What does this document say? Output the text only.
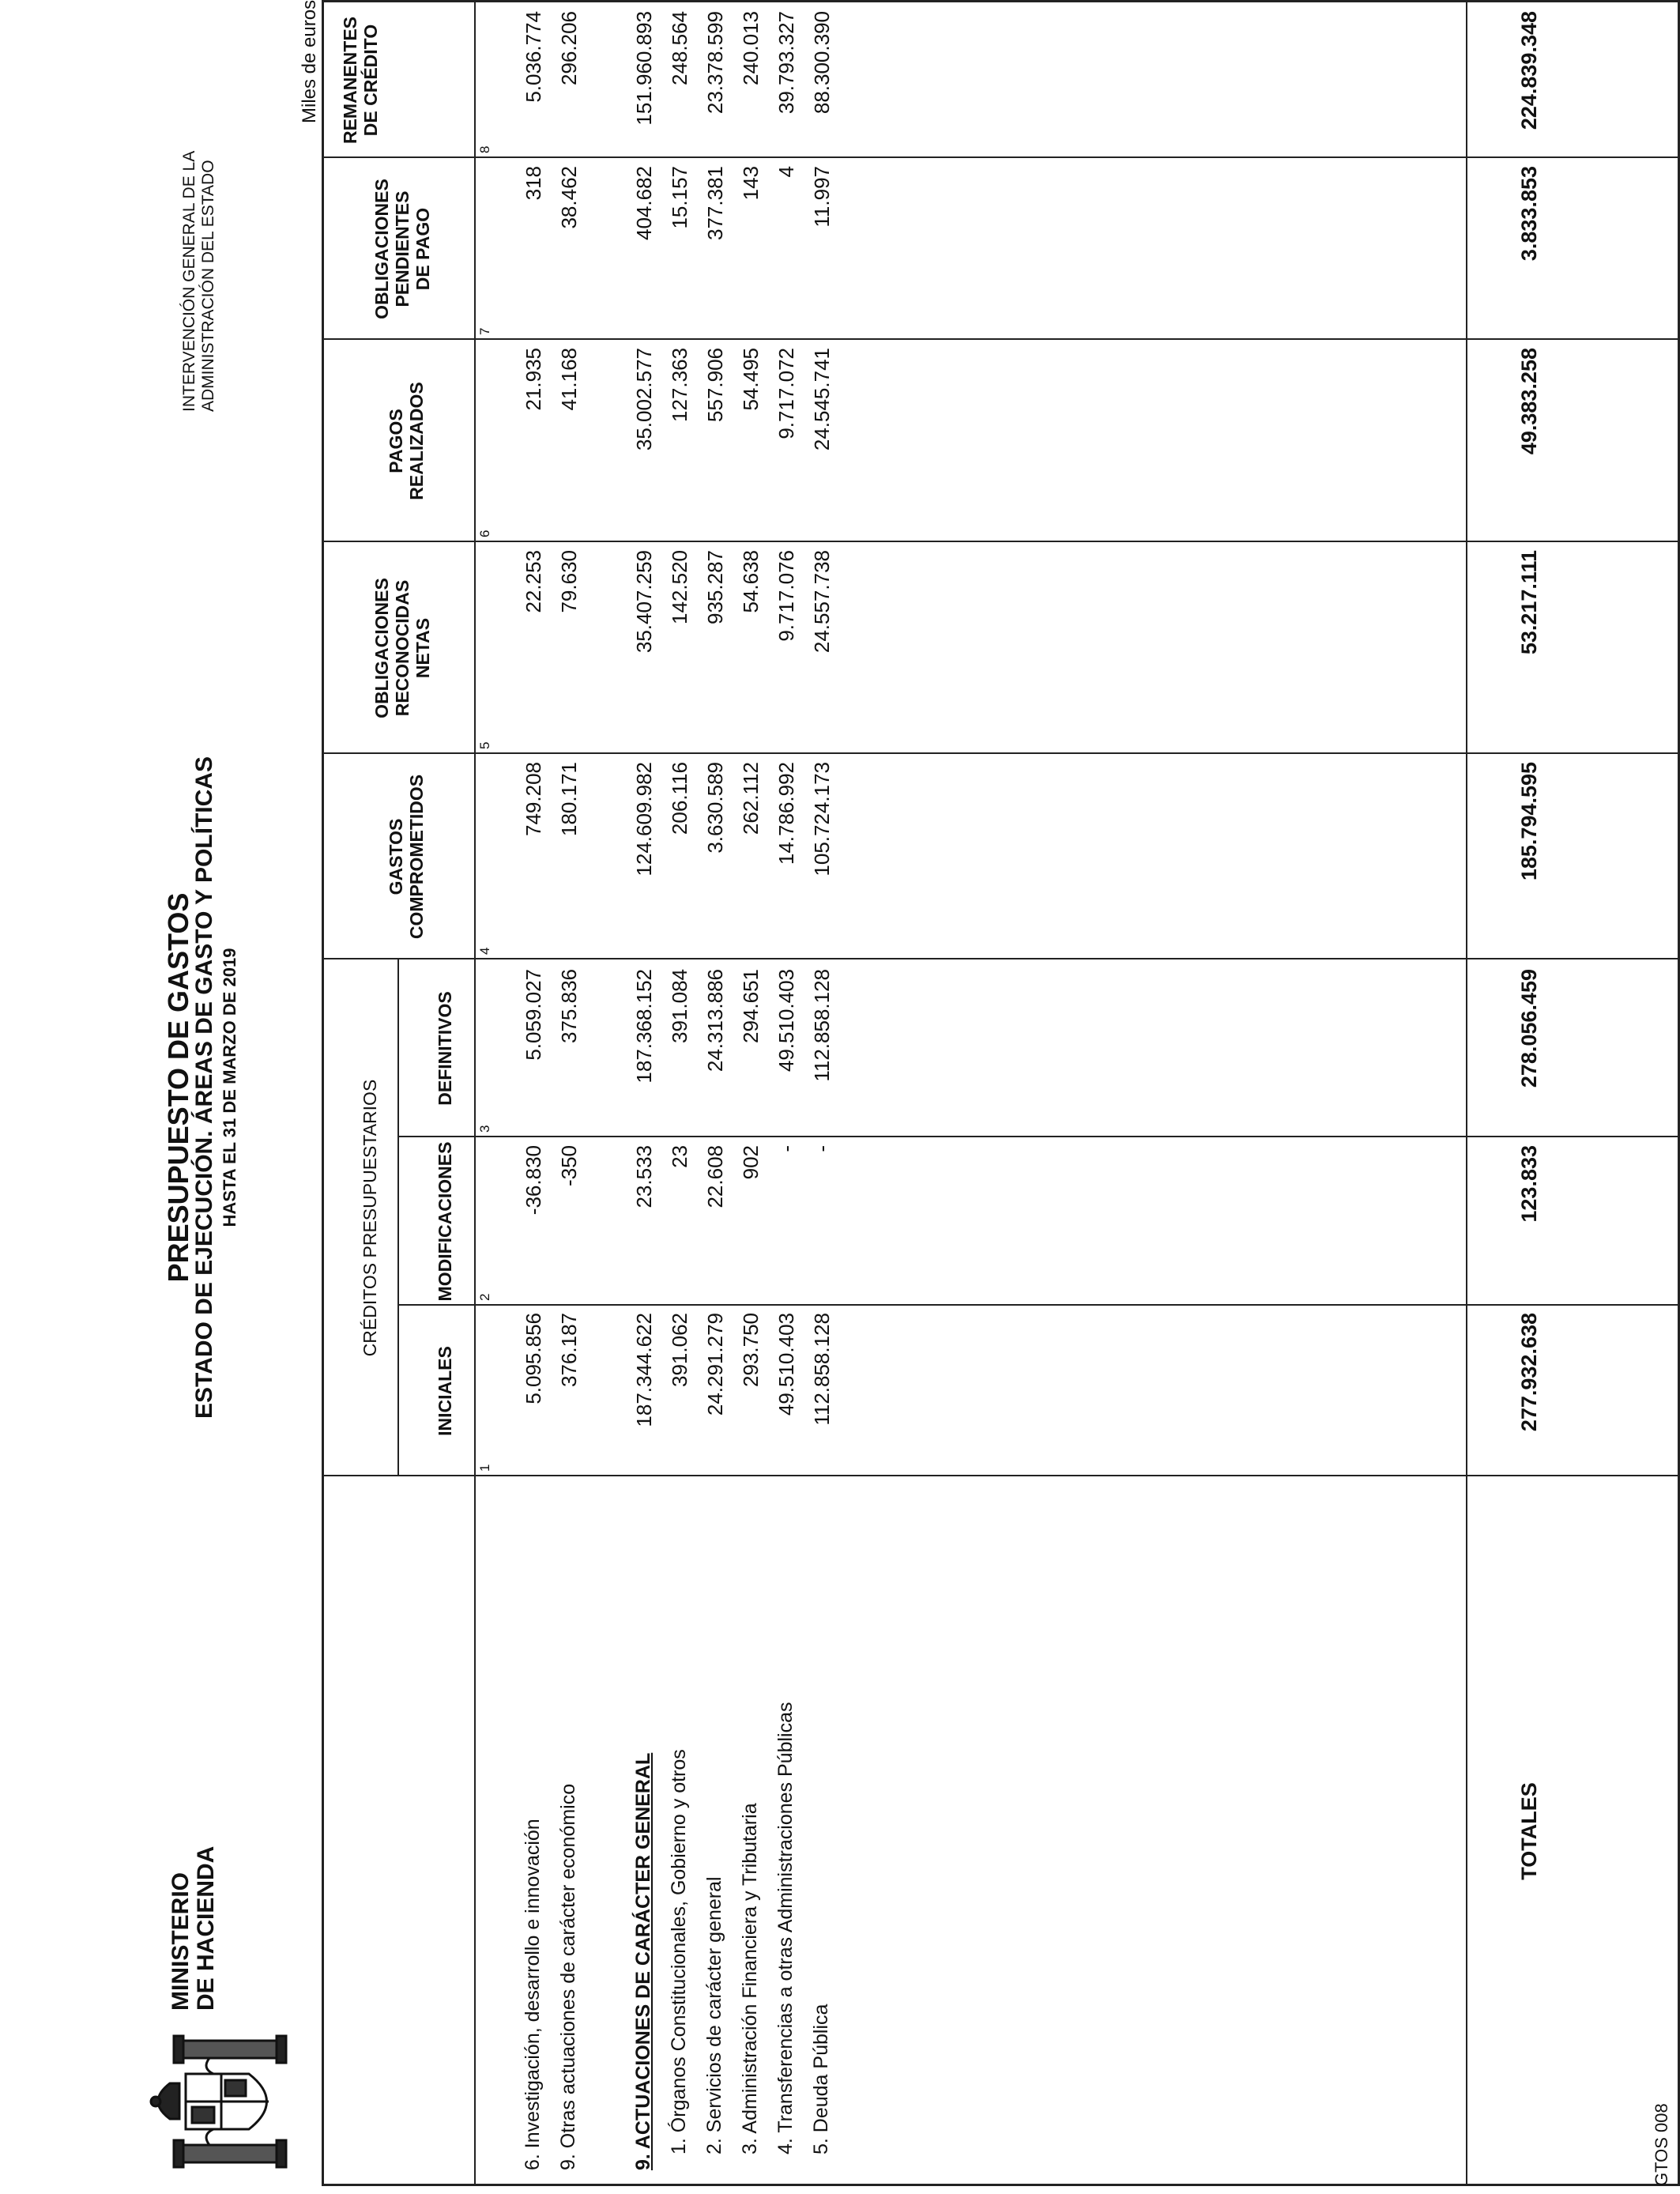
MINISTERIO DE HACIENDA
PRESUPUESTO DE GASTOS
ESTADO DE EJECUCIÓN. ÁREAS DE GASTO Y POLÍTICAS HASTA EL 31 DE MARZO DE 2019
INTERVENCIÓN GENERAL DE LA ADMINISTRACIÓN DEL ESTADO
Miles de euros
CRÉDITOS PRESUPUESTARIOS
INICIALES
MODIFICACIONES
DEFINITIVOS
GASTOS COMPROMETIDOS
OBLIGACIONES RECONOCIDAS NETAS
PAGOS REALIZADOS
OBLIGACIONES PENDIENTES DE PAGO
REMANENTES DE CRÉDITO
1
2
3
4
5
6
7
8
6. Investigación, desarrollo e innovación
5.095.856
-36.830
5.059.027
749.208
22.253
21.935
318
5.036.774
9. Otras actuaciones de carácter económico
376.187
-350
375.836
180.171
79.630
41.168
38.462
296.206
9. ACTUACIONES DE CARÁCTER GENERAL
187.344.622
23.533
187.368.152
124.609.982
35.407.259
35.002.577
404.682
151.960.893
1. Órganos Constitucionales, Gobierno y otros
391.062
23
391.084
206.116
142.520
127.363
15.157
248.564
2. Servicios de carácter general
24.291.279
22.608
24.313.886
3.630.589
935.287
557.906
377.381
23.378.599
3. Administración Financiera y Tributaria
293.750
902
294.651
262.112
54.638
54.495
143
240.013
4. Transferencias a otras Administraciones Públicas
49.510.403
-
49.510.403
14.786.992
9.717.076
9.717.072
4
39.793.327
5. Deuda Pública
112.858.128
-
112.858.128
105.724.173
24.557.738
24.545.741
11.997
88.300.390
TOTALES
277.932.638
123.833
278.056.459
185.794.595
53.217.111
49.383.258
3.833.853
224.839.348
GTOS 008
